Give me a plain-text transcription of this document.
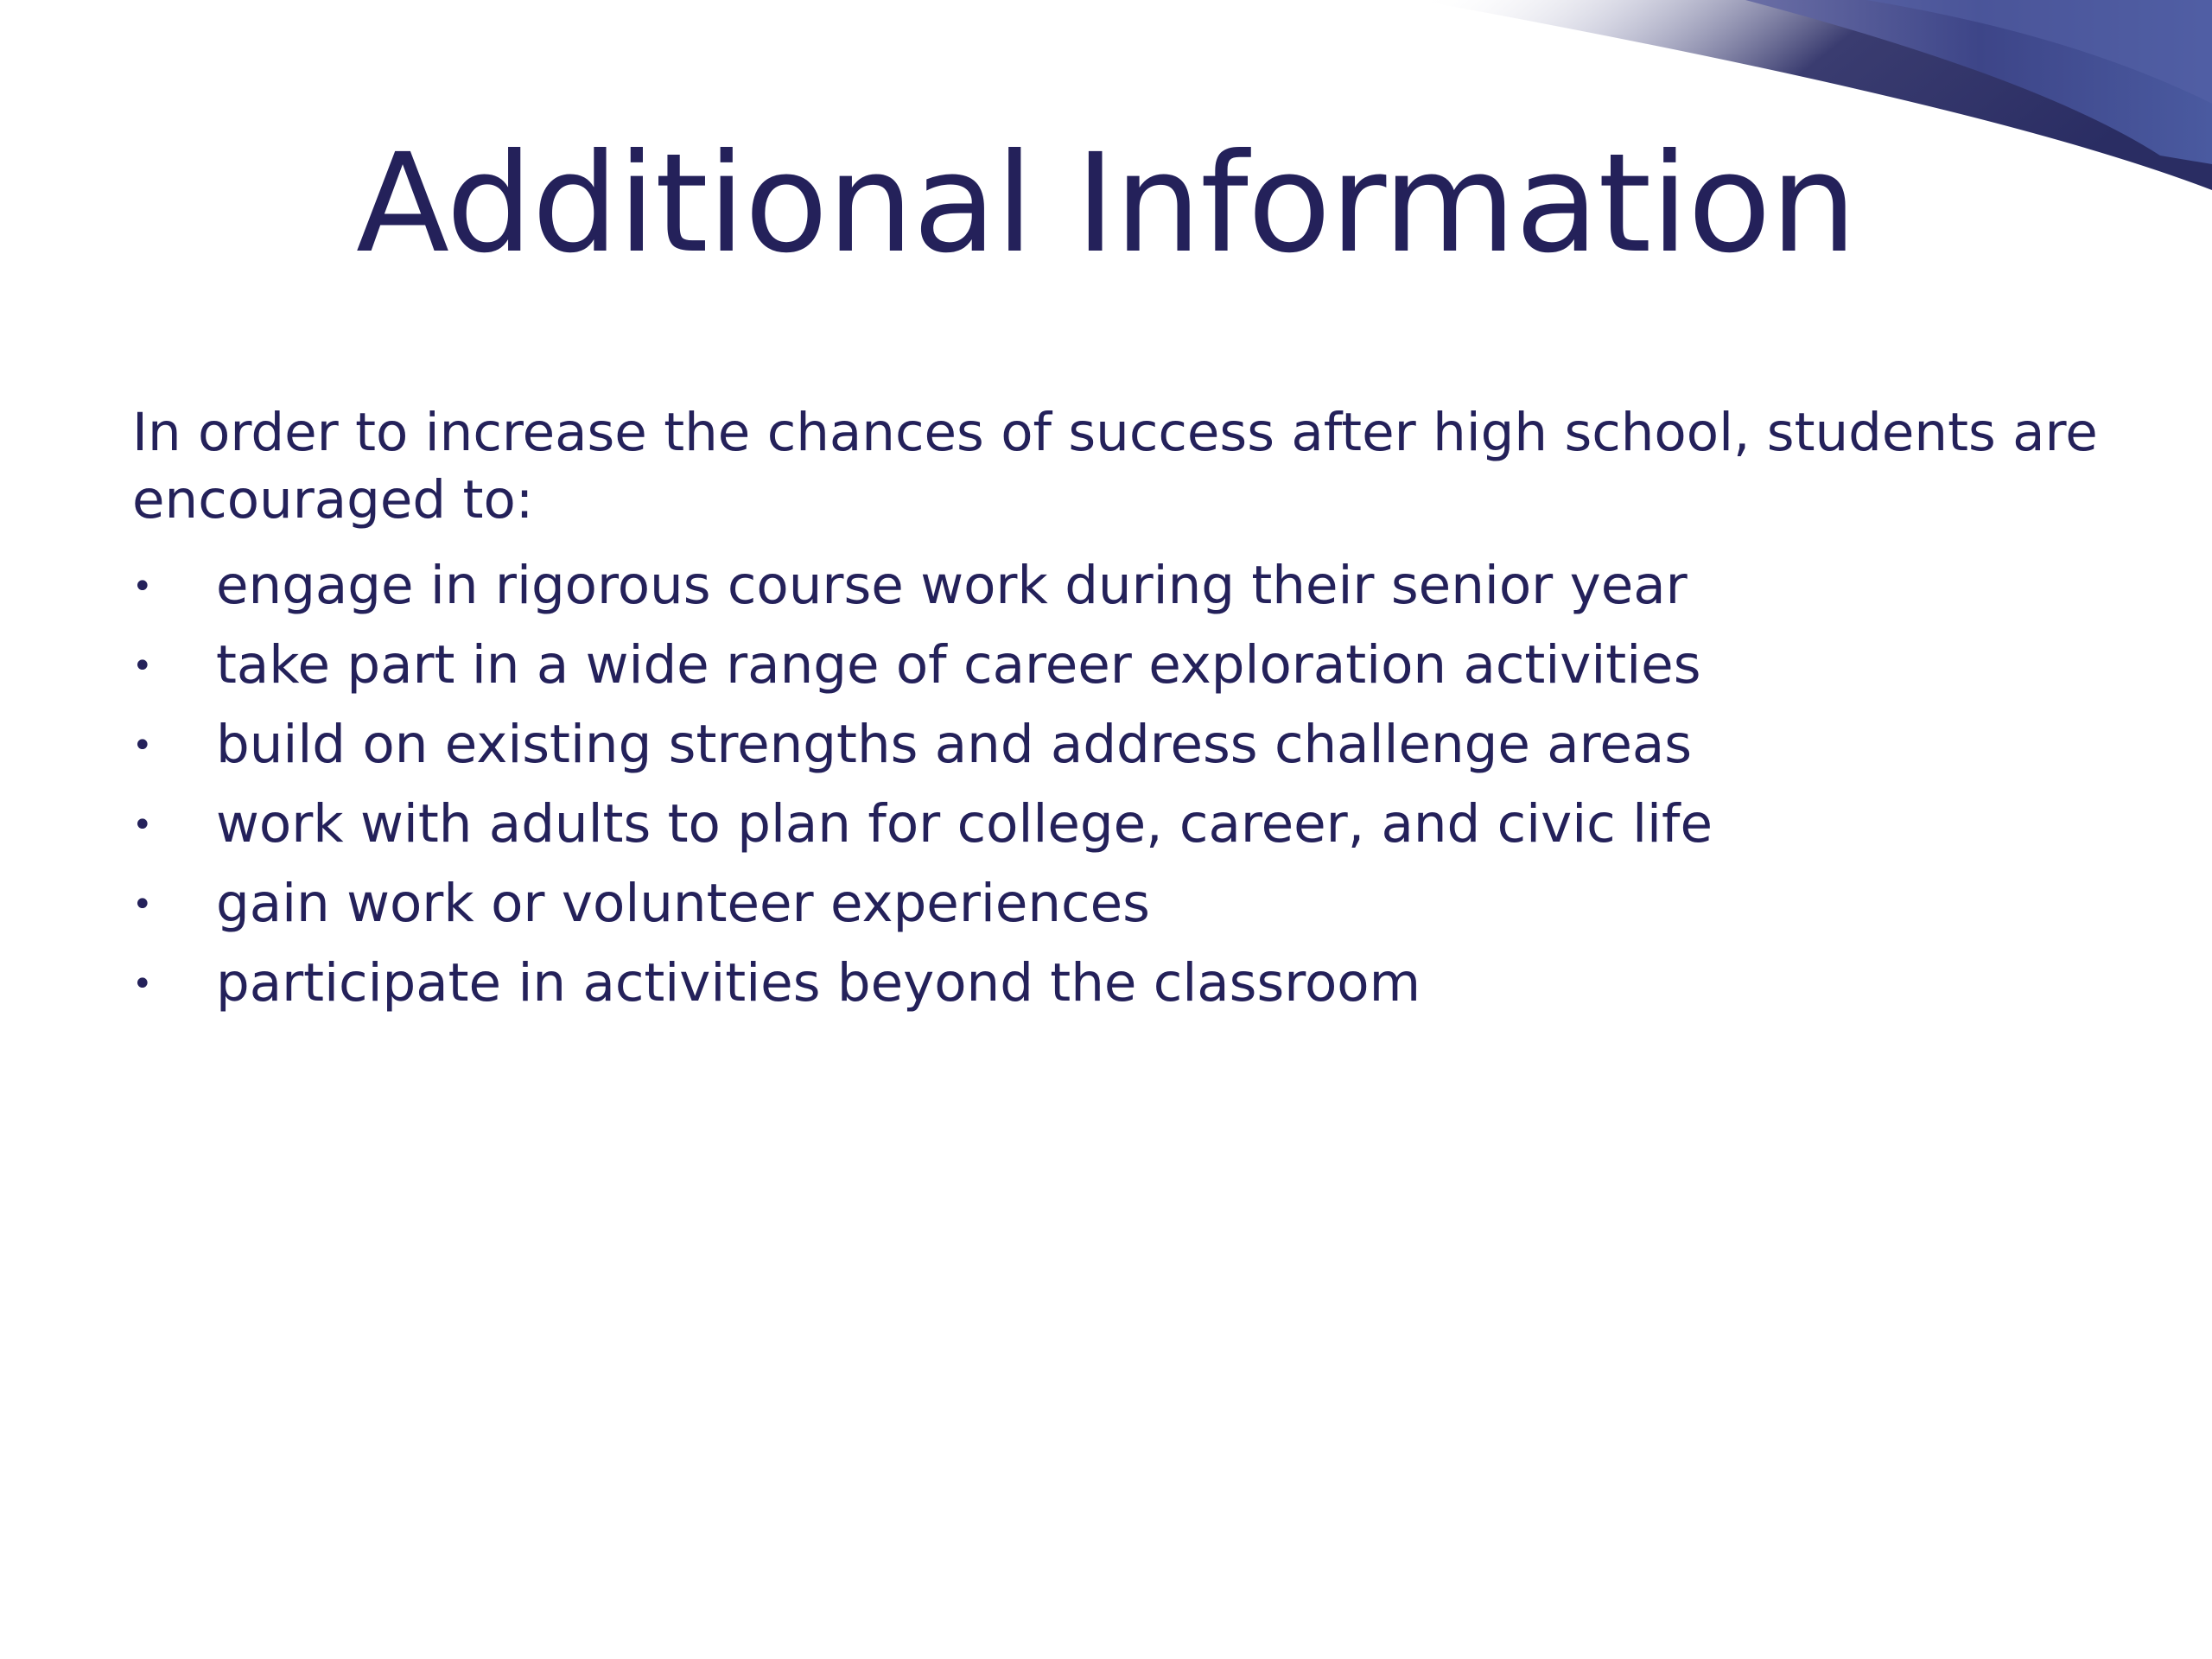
Additional Information

In order to increase the chances of success after high school, students are encouraged to:

•	engage in rigorous course work during their senior year
•	take part in a wide range of career exploration activities
•	build on existing strengths and address challenge areas
•	work with adults to plan for college, career, and civic life
•	gain work or volunteer experiences
•	participate in activities beyond the classroom
